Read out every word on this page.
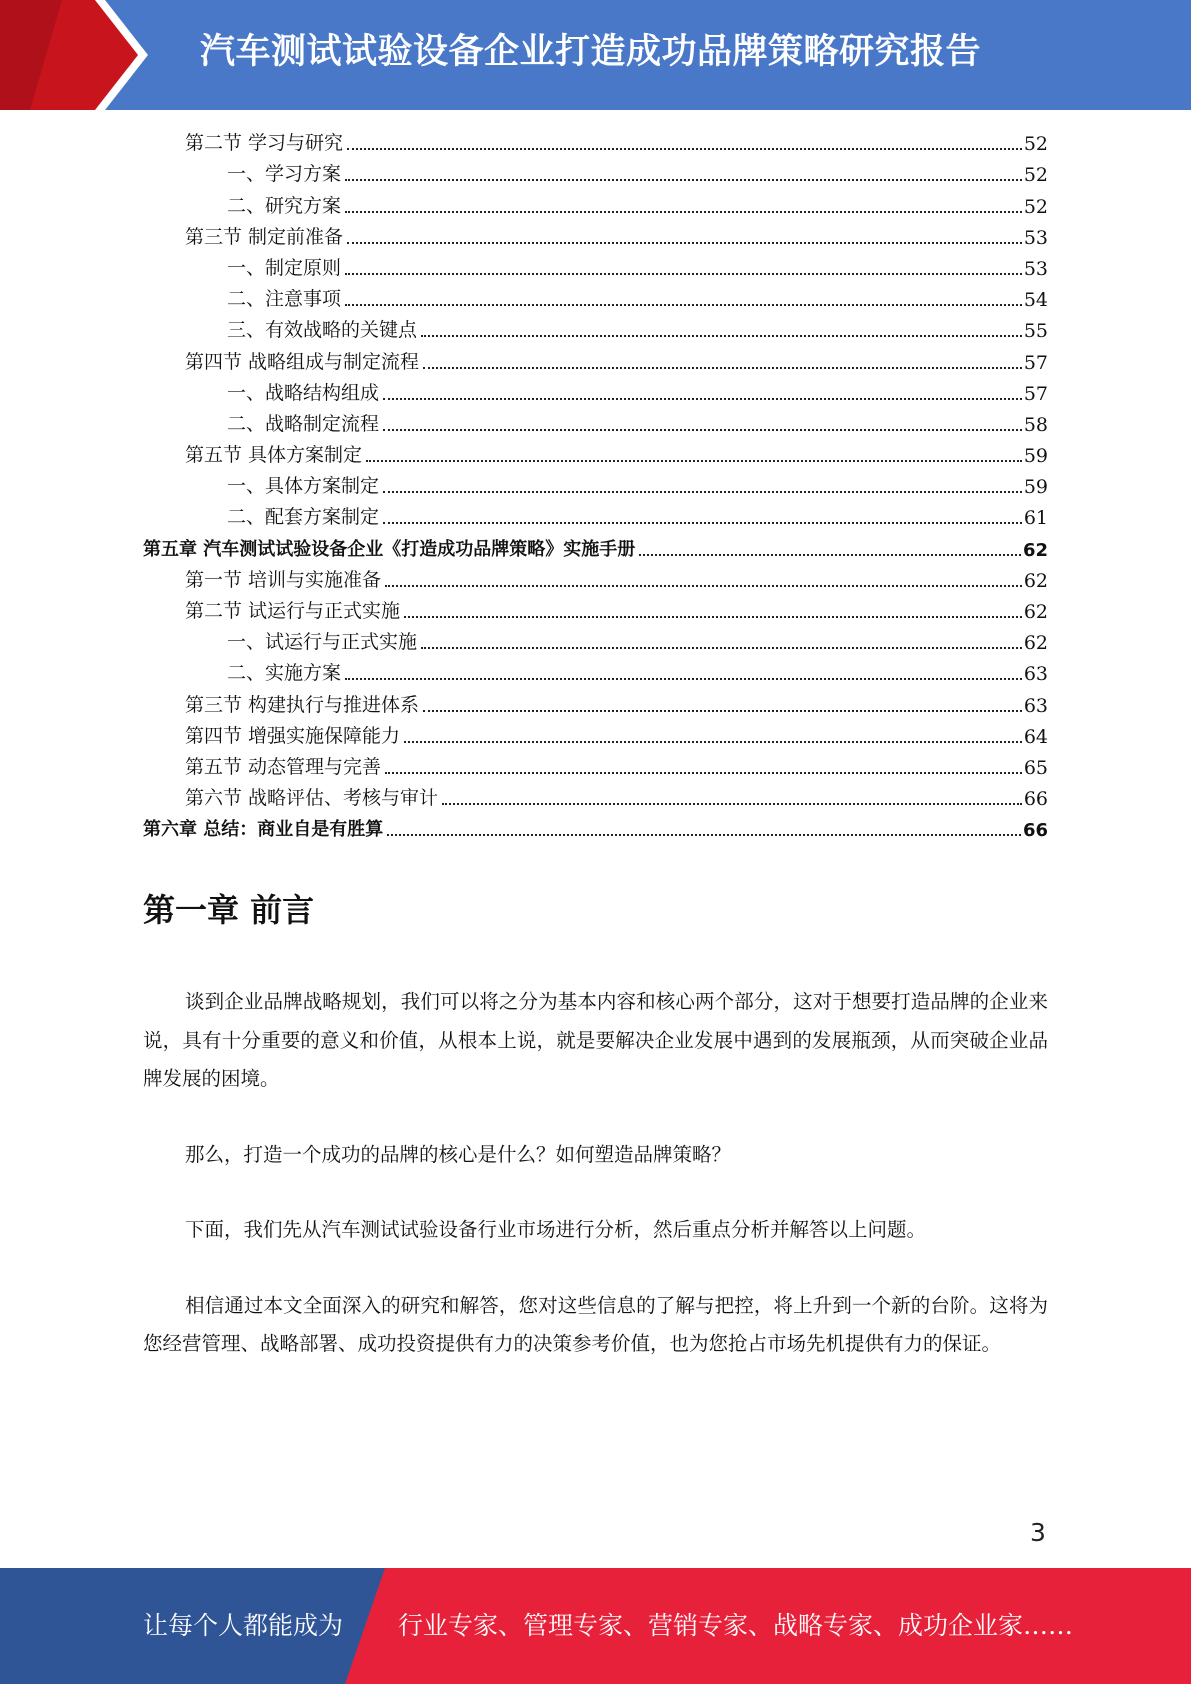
汽车测试试验设备企业打造成功品牌策略研究报告
第二节 学习与研究	52
一、学习方案	52
二、研究方案	52
第三节 制定前准备	53
一、制定原则	53
二、注意事项	54
三、有效战略的关键点	55
第四节 战略组成与制定流程	57
一、战略结构组成	57
二、战略制定流程	58
第五节 具体方案制定	59
一、具体方案制定	59
二、配套方案制定	61
第五章 汽车测试试验设备企业《打造成功品牌策略》实施手册	62
第一节 培训与实施准备	62
第二节 试运行与正式实施	62
一、试运行与正式实施	62
二、实施方案	63
第三节 构建执行与推进体系	63
第四节 增强实施保障能力	64
第五节 动态管理与完善	65
第六节 战略评估、考核与审计	66
第六章 总结：商业自是有胜算	66
第一章 前言

谈到企业品牌战略规划，我们可以将之分为基本内容和核心两个部分，这对于想要打造品牌的企业来说，具有十分重要的意义和价值，从根本上说，就是要解决企业发展中遇到的发展瓶颈，从而突破企业品牌发展的困境。

那么，打造一个成功的品牌的核心是什么？如何塑造品牌策略？

下面，我们先从汽车测试试验设备行业市场进行分析，然后重点分析并解答以上问题。

相信通过本文全面深入的研究和解答，您对这些信息的了解与把控，将上升到一个新的台阶。这将为您经营管理、战略部署、成功投资提供有力的决策参考价值，也为您抢占市场先机提供有力的保证。

3
让每个人都能成为 行业专家、管理专家、营销专家、战略专家、成功企业家……
